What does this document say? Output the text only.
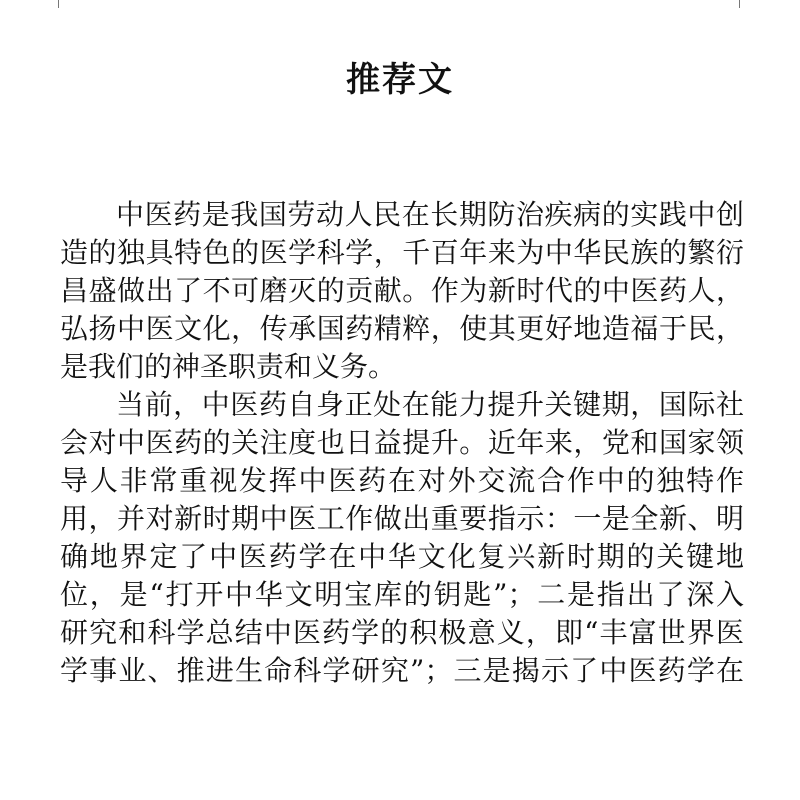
推荐文
中医药是我国劳动人民在长期防治疾病的实践中创
造的独具特色的医学科学，千百年来为中华民族的繁衍
昌盛做出了不可磨灭的贡献。作为新时代的中医药人，
弘扬中医文化，传承国药精粹，使其更好地造福于民，
是我们的神圣职责和义务。
当前，中医药自身正处在能力提升关键期，国际社
会对中医药的关注度也日益提升。近年来，党和国家领
导人非常重视发挥中医药在对外交流合作中的独特作
用，并对新时期中医工作做出重要指示：一是全新、明
确地界定了中医药学在中华文化复兴新时期的关键地
位，是“打开中华文明宝库的钥匙”；二是指出了深入
研究和科学总结中医药学的积极意义，即“丰富世界医
学事业、推进生命科学研究”；三是揭示了中医药学在
